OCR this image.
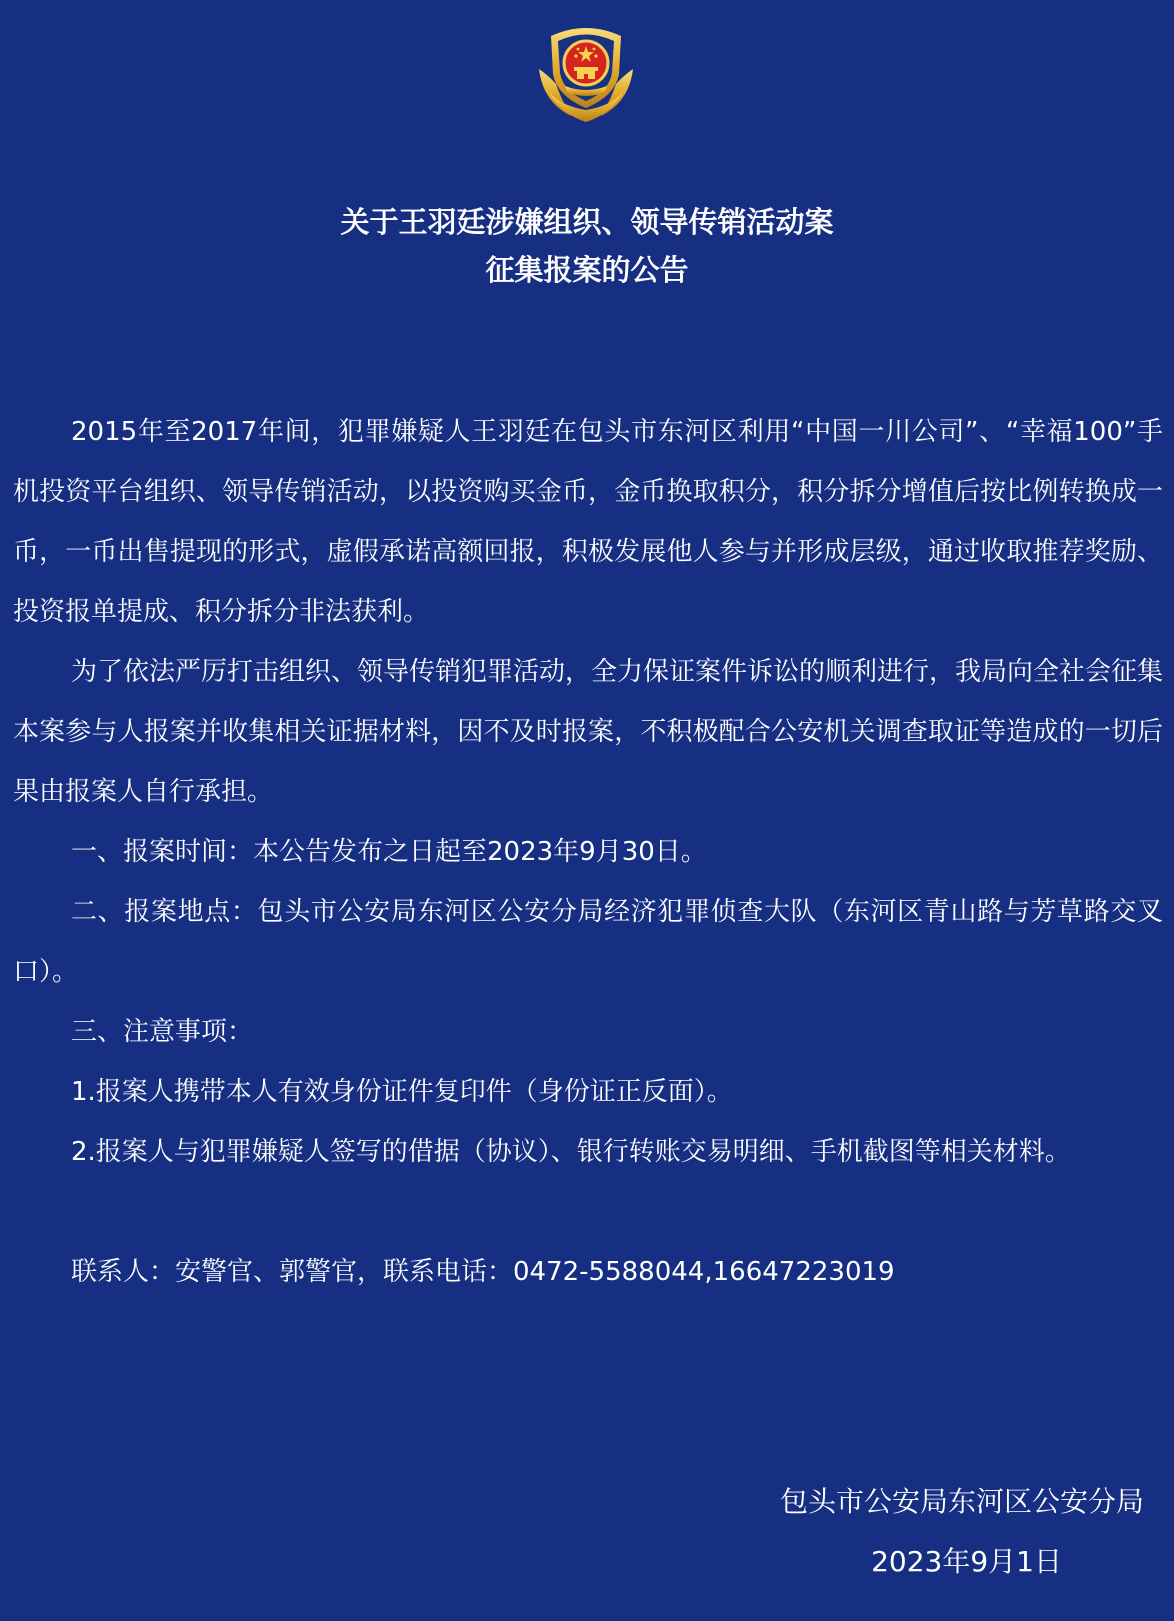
关于王羽廷涉嫌组织、领导传销活动案
征集报案的公告

2015年至2017年间，犯罪嫌疑人王羽廷在包头市东河区利用“中国一川公司”、“幸福100”手机投资平台组织、领导传销活动，以投资购买金币，金币换取积分，积分拆分增值后按比例转换成一币，一币出售提现的形式，虚假承诺高额回报，积极发展他人参与并形成层级，通过收取推荐奖励、投资报单提成、积分拆分非法获利。

为了依法严厉打击组织、领导传销犯罪活动，全力保证案件诉讼的顺利进行，我局向全社会征集本案参与人报案并收集相关证据材料，因不及时报案，不积极配合公安机关调查取证等造成的一切后果由报案人自行承担。

一、报案时间：本公告发布之日起至2023年9月30日。

二、报案地点：包头市公安局东河区公安分局经济犯罪侦查大队（东河区青山路与芳草路交叉口）。

三、注意事项：

1.报案人携带本人有效身份证件复印件（身份证正反面）。

2.报案人与犯罪嫌疑人签写的借据（协议）、银行转账交易明细、手机截图等相关材料。

联系人：安警官、郭警官，联系电话：0472-5588044,16647223019

包头市公安局东河区公安分局
2023年9月1日
